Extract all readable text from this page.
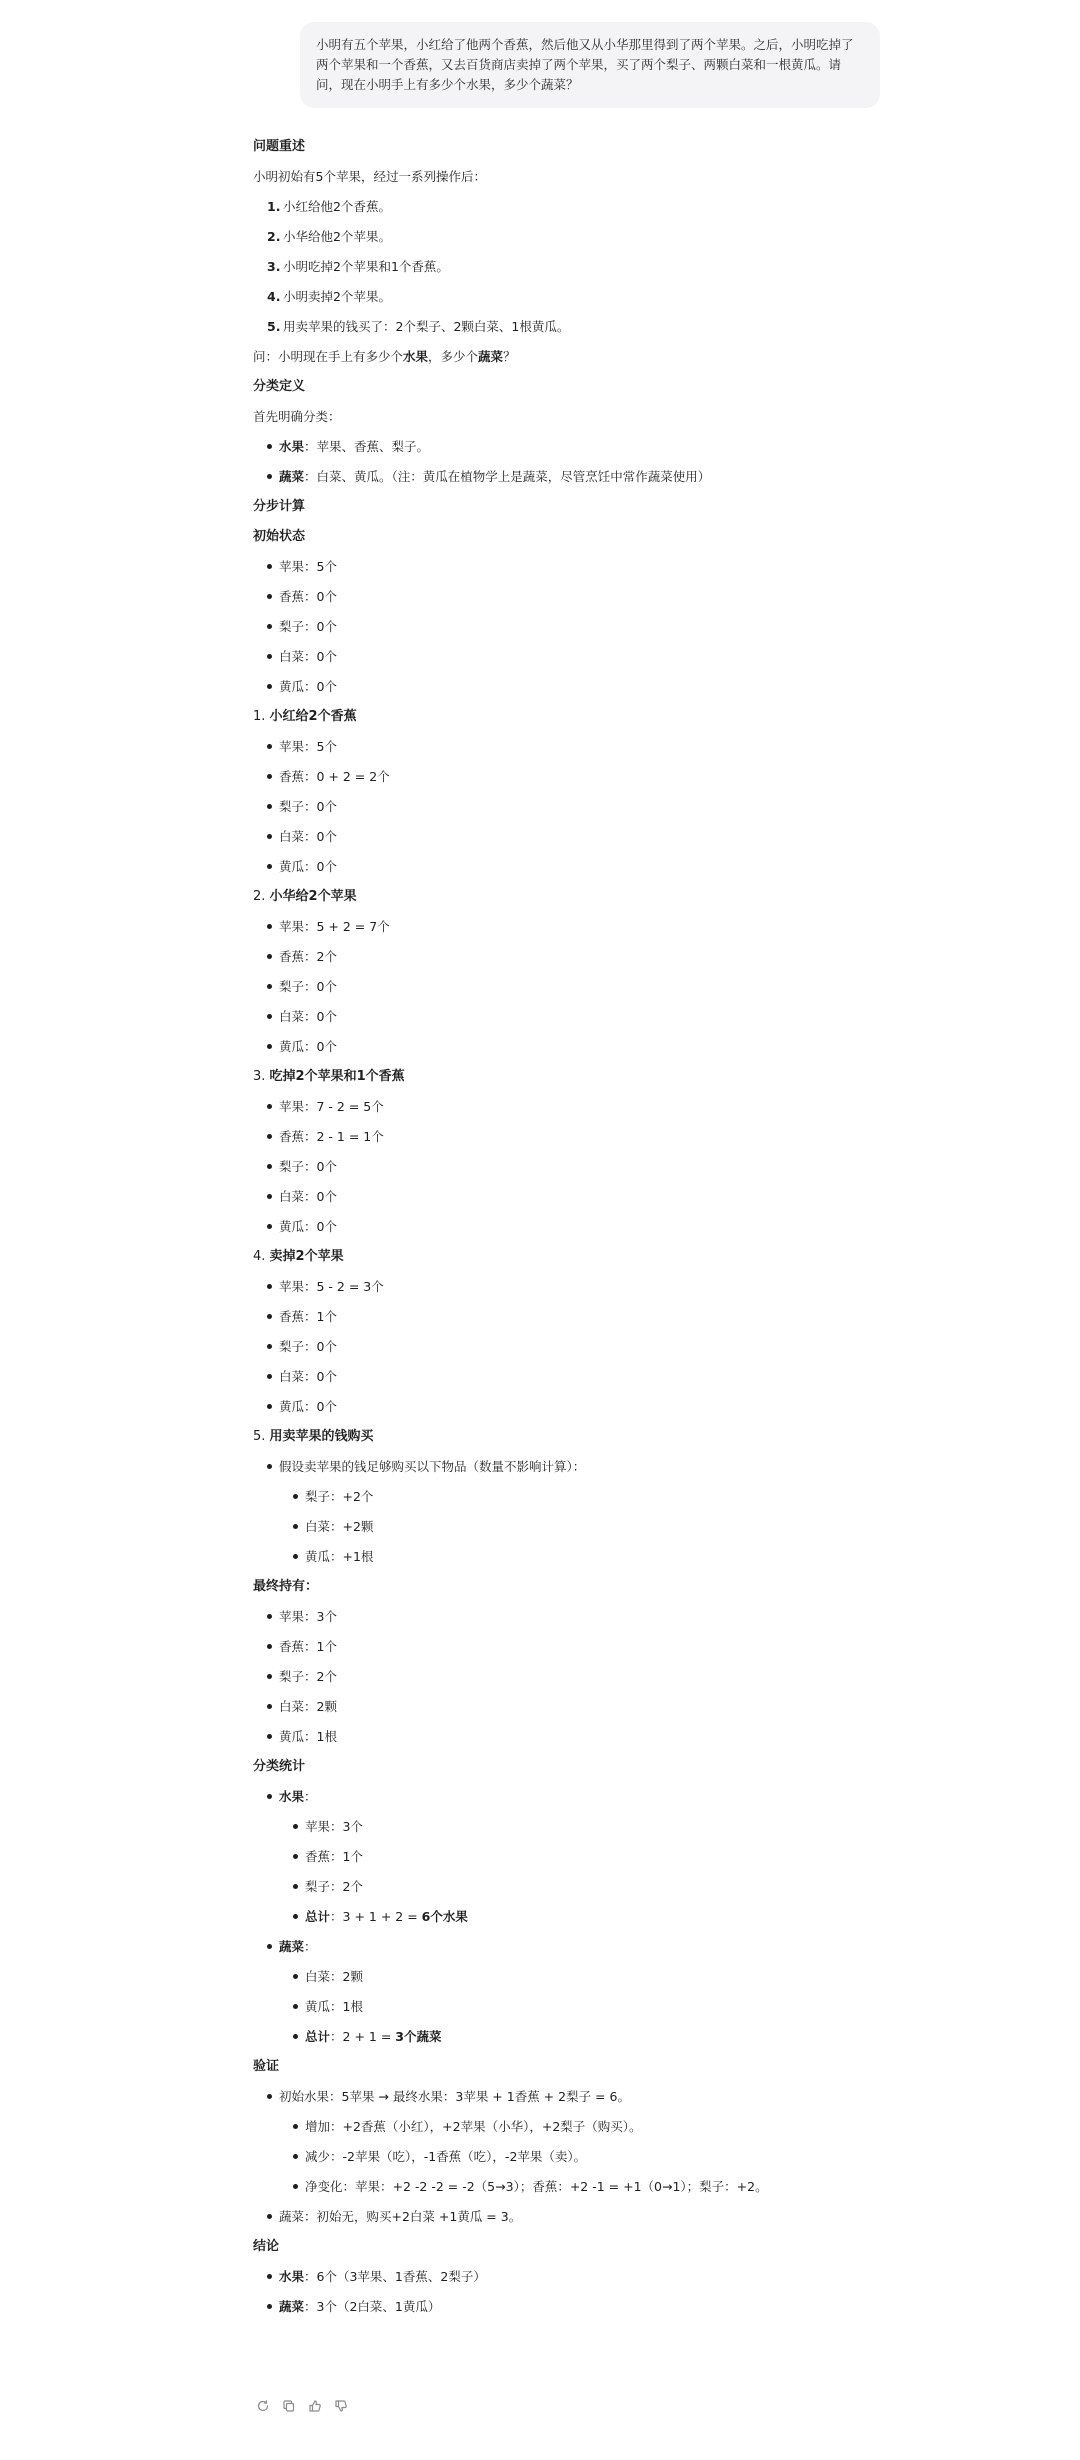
小明有五个苹果，小红给了他两个香蕉，然后他又从小华那里得到了两个苹果。之后，小明吃掉了两个苹果和一个香蕉，又去百货商店卖掉了两个苹果，买了两个梨子、两颗白菜和一根黄瓜。请问，现在小明手上有多少个水果，多少个蔬菜？
问题重述
小明初始有5个苹果，经过一系列操作后：
1. 小红给他2个香蕉。
2. 小华给他2个苹果。
3. 小明吃掉2个苹果和1个香蕉。
4. 小明卖掉2个苹果。
5. 用卖苹果的钱买了：2个梨子、2颗白菜、1根黄瓜。
问：小明现在手上有多少个水果，多少个蔬菜？
分类定义
首先明确分类：
水果：苹果、香蕉、梨子。
蔬菜：白菜、黄瓜。（注：黄瓜在植物学上是蔬菜，尽管烹饪中常作蔬菜使用）
分步计算
初始状态
苹果：5个
香蕉：0个
梨子：0个
白菜：0个
黄瓜：0个
1. 小红给2个香蕉
苹果：5个
香蕉：0 + 2 = 2个
梨子：0个
白菜：0个
黄瓜：0个
2. 小华给2个苹果
苹果：5 + 2 = 7个
香蕉：2个
梨子：0个
白菜：0个
黄瓜：0个
3. 吃掉2个苹果和1个香蕉
苹果：7 - 2 = 5个
香蕉：2 - 1 = 1个
梨子：0个
白菜：0个
黄瓜：0个
4. 卖掉2个苹果
苹果：5 - 2 = 3个
香蕉：1个
梨子：0个
白菜：0个
黄瓜：0个
5. 用卖苹果的钱购买
假设卖苹果的钱足够购买以下物品（数量不影响计算）：
梨子：+2个
白菜：+2颗
黄瓜：+1根
最终持有：
苹果：3个
香蕉：1个
梨子：2个
白菜：2颗
黄瓜：1根
分类统计
水果：
苹果：3个
香蕉：1个
梨子：2个
总计：3 + 1 + 2 = 6个水果
蔬菜：
白菜：2颗
黄瓜：1根
总计：2 + 1 = 3个蔬菜
验证
初始水果：5苹果 → 最终水果：3苹果 + 1香蕉 + 2梨子 = 6。
增加：+2香蕉（小红），+2苹果（小华），+2梨子（购买）。
减少：-2苹果（吃），-1香蕉（吃），-2苹果（卖）。
净变化：苹果：+2 -2 -2 = -2（5→3）；香蕉：+2 -1 = +1（0→1）；梨子：+2。
蔬菜：初始无，购买+2白菜 +1黄瓜 = 3。
结论
水果：6个（3苹果、1香蕉、2梨子）
蔬菜：3个（2白菜、1黄瓜）
